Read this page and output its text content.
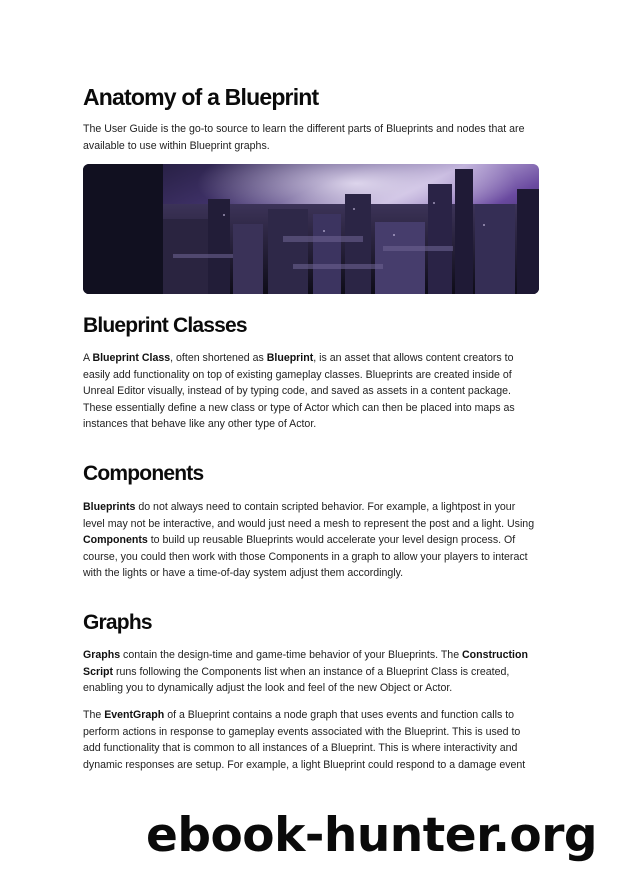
Anatomy of a Blueprint

The User Guide is the go-to source to learn the different parts of Blueprints and nodes that are available to use within Blueprint graphs.

Blueprint Classes

A Blueprint Class, often shortened as Blueprint, is an asset that allows content creators to easily add functionality on top of existing gameplay classes. Blueprints are created inside of Unreal Editor visually, instead of by typing code, and saved as assets in a content package. These essentially define a new class or type of Actor which can then be placed into maps as instances that behave like any other type of Actor.

Components

Blueprints do not always need to contain scripted behavior. For example, a lightpost in your level may not be interactive, and would just need a mesh to represent the post and a light. Using Components to build up reusable Blueprints would accelerate your level design process. Of course, you could then work with those Components in a graph to allow your players to interact with the lights or have a time-of-day system adjust them accordingly.

Graphs

Graphs contain the design-time and game-time behavior of your Blueprints. The Construction Script runs following the Components list when an instance of a Blueprint Class is created, enabling you to dynamically adjust the look and feel of the new Object or Actor.

The EventGraph of a Blueprint contains a node graph that uses events and function calls to perform actions in response to gameplay events associated with the Blueprint. This is used to add functionality that is common to all instances of a Blueprint. This is where interactivity and dynamic responses are setup. For example, a light Blueprint could respond to a damage event

ebook-hunter.org
